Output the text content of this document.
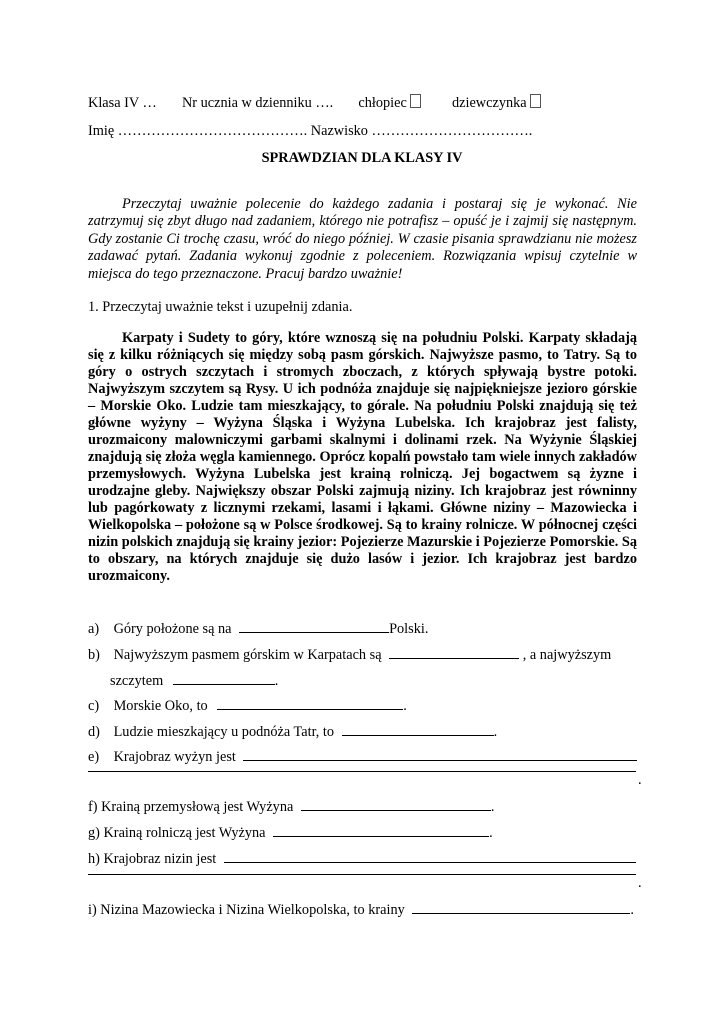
Klasa IV … Nr ucznia w dzienniku …. chłopiec	dziewczynka
Imię …………………………………. Nazwisko …………………………….
SPRAWDZIAN DLA KLASY IV

Przeczytaj uważnie polecenie do każdego zadania i postaraj się je wykonać. Nie zatrzymuj się zbyt długo nad zadaniem, którego nie potrafisz – opuść je i zajmij się następnym. Gdy zostanie Ci trochę czasu, wróć do niego później. W czasie pisania sprawdzianu nie możesz zadawać pytań. Zadania wykonuj zgodnie z poleceniem. Rozwiązania wpisuj czytelnie w miejsca do tego przeznaczone. Pracuj bardzo uważnie!

1. Przeczytaj uważnie tekst i uzupełnij zdania.

Karpaty i Sudety to góry, które wznoszą się na południu Polski. Karpaty składają się z kilku różniących się między sobą pasm górskich. Najwyższe pasmo, to Tatry. Są to góry o ostrych szczytach i stromych zboczach, z których spływają bystre potoki. Najwyższym szczytem są Rysy. U ich podnóża znajduje się najpiękniejsze jezioro górskie – Morskie Oko. Ludzie tam mieszkający, to górale. Na południu Polski znajdują się też główne wyżyny – Wyżyna Śląska i Wyżyna Lubelska. Ich krajobraz jest falisty, urozmaicony malowniczymi garbami skalnymi i dolinami rzek. Na Wyżynie Śląskiej znajdują się złoża węgla kamiennego. Oprócz kopalń powstało tam wiele innych zakładów przemysłowych. Wyżyna Lubelska jest krainą rolniczą. Jej bogactwem są żyzne i urodzajne gleby. Największy obszar Polski zajmują niziny. Ich krajobraz jest równinny lub pagórkowaty z licznymi rzekami, lasami i łąkami. Główne niziny – Mazowiecka i Wielkopolska – położone są w Polsce środkowej. Są to krainy rolnicze. W północnej części nizin polskich znajdują się krainy jezior: Pojezierze Mazurskie i Pojezierze Pomorskie. Są to obszary, na których znajduje się dużo lasów i jezior. Ich krajobraz jest bardzo urozmaicony.

a) Góry położone są na	Polski.
b) Najwyższym pasmem górskim w Karpatach są	, a najwyższym
szczytem	.
c) Morskie Oko, to	.
d) Ludzie mieszkający u podnóża Tatr, to	.
e) Krajobraz wyżyn jest
.
f) Krainą przemysłową jest Wyżyna	.
g) Krainą rolniczą jest Wyżyna	.
h) Krajobraz nizin jest
.
i) Nizina Mazowiecka i Nizina Wielkopolska, to krainy	.
